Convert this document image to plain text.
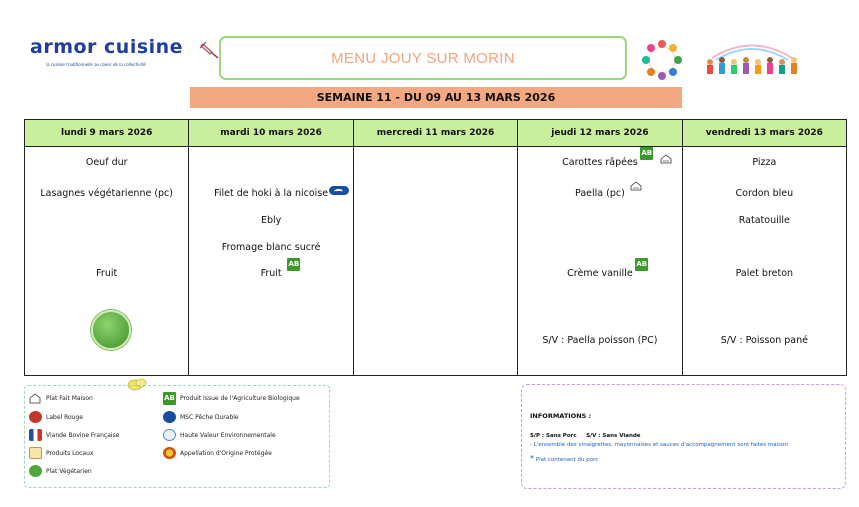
armor cuisine
la cuisine traditionnelle au coeur de la collectivité	MENU JOUY SUR MORIN
SEMAINE 11 - DU 09 AU 13 MARS 2026
lundi 9 mars 2026
Oeuf dur
Lasagnes végétarienne (pc)
Fruit
mardi 10 mars 2026
Filet de hoki à la nicoise
Ebly
Fromage blanc sucré
Fruit
AB
mercredi 11 mars 2026	jeudi 12 mars 2026
Carottes râpées
AB
Paella (pc)
Crème vanille
AB
S/V : Paella poisson (PC)
vendredi 13 mars 2026
Pizza
Cordon bleu
Ratatouille
Palet breton
S/V : Poisson pané
Plat Fait Maison
Label Rouge
Viande Bovine Française
Produits Locaux
Plat Végétarien
AB Produit Issue de l'Agriculture Biologique
MSC Pêche Durable
Haute Valeur Environnementale
Appellation d'Origine Protégée
INFORMATIONS :
S/P : Sans Porc     S/V : Sans Viande
- L'ensemble des vinaigrettes, mayonnaises et sauces d'accompagnement sont faites maison
* Plat contenant du porc
